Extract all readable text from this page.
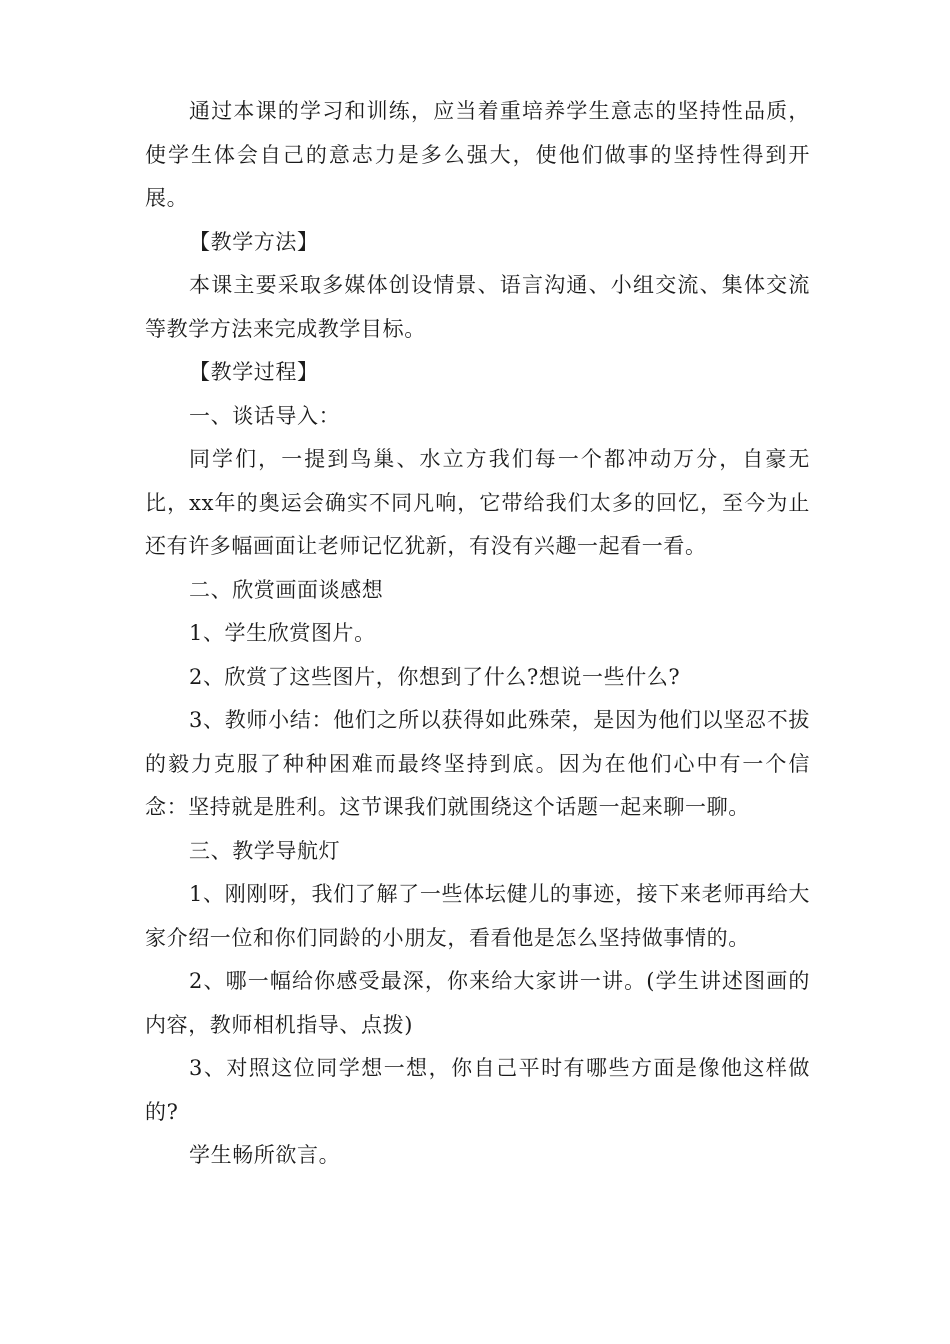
通过本课的学习和训练，应当着重培养学生意志的坚持性品质，使学生体会自己的意志力是多么强大，使他们做事的坚持性得到开展。

【教学方法】

本课主要采取多媒体创设情景、语言沟通、小组交流、集体交流等教学方法来完成教学目标。

【教学过程】

一、谈话导入：

同学们，一提到鸟巢、水立方我们每一个都冲动万分，自豪无比，xx年的奥运会确实不同凡响，它带给我们太多的回忆，至今为止还有许多幅画面让老师记忆犹新，有没有兴趣一起看一看。

二、欣赏画面谈感想

1、学生欣赏图片。

2、欣赏了这些图片，你想到了什么?想说一些什么?

3、教师小结：他们之所以获得如此殊荣，是因为他们以坚忍不拔的毅力克服了种种困难而最终坚持到底。因为在他们心中有一个信念：坚持就是胜利。这节课我们就围绕这个话题一起来聊一聊。

三、教学导航灯

1、刚刚呀，我们了解了一些体坛健儿的事迹，接下来老师再给大家介绍一位和你们同龄的小朋友，看看他是怎么坚持做事情的。

2、哪一幅给你感受最深，你来给大家讲一讲。(学生讲述图画的内容，教师相机指导、点拨)

3、对照这位同学想一想，你自己平时有哪些方面是像他这样做的?

学生畅所欲言。
